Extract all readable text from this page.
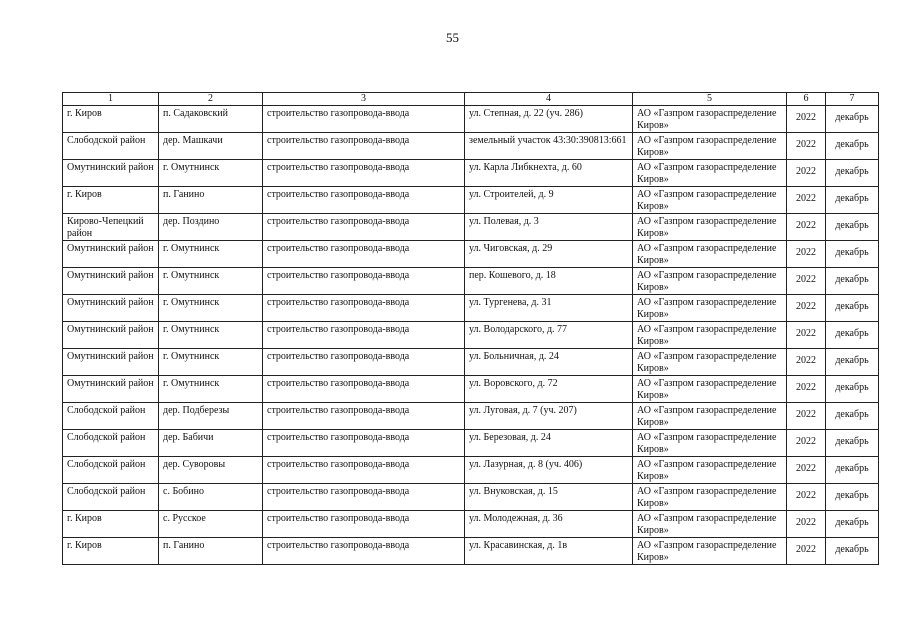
55
1	2	3	4	5	6	7
г. Киров	п. Садаковский	строительство газопровода-ввода	ул. Степная, д. 22 (уч. 286)	АО «Газпром газораспределение Киров»	2022	декабрь
Слободской район	дер. Машкачи	строительство газопровода-ввода	земельный участок 43:30:390813:661	АО «Газпром газораспределение Киров»	2022	декабрь
Омутнинский район	г. Омутнинск	строительство газопровода-ввода	ул. Карла Либкнехта, д. 60	АО «Газпром газораспределение Киров»	2022	декабрь
г. Киров	п. Ганино	строительство газопровода-ввода	ул. Строителей, д. 9	АО «Газпром газораспределение Киров»	2022	декабрь
Кирово-Чепецкий район	дер. Поздино	строительство газопровода-ввода	ул. Полевая, д. 3	АО «Газпром газораспределение Киров»	2022	декабрь
Омутнинский район	г. Омутнинск	строительство газопровода-ввода	ул. Чиговская, д. 29	АО «Газпром газораспределение Киров»	2022	декабрь
Омутнинский район	г. Омутнинск	строительство газопровода-ввода	пер. Кошевого, д. 18	АО «Газпром газораспределение Киров»	2022	декабрь
Омутнинский район	г. Омутнинск	строительство газопровода-ввода	ул. Тургенева, д. 31	АО «Газпром газораспределение Киров»	2022	декабрь
Омутнинский район	г. Омутнинск	строительство газопровода-ввода	ул. Володарского, д. 77	АО «Газпром газораспределение Киров»	2022	декабрь
Омутнинский район	г. Омутнинск	строительство газопровода-ввода	ул. Больничная, д. 24	АО «Газпром газораспределение Киров»	2022	декабрь
Омутнинский район	г. Омутнинск	строительство газопровода-ввода	ул. Воровского, д. 72	АО «Газпром газораспределение Киров»	2022	декабрь
Слободской район	дер. Подберезы	строительство газопровода-ввода	ул. Луговая, д. 7 (уч. 207)	АО «Газпром газораспределение Киров»	2022	декабрь
Слободской район	дер. Бабичи	строительство газопровода-ввода	ул. Березовая, д. 24	АО «Газпром газораспределение Киров»	2022	декабрь
Слободской район	дер. Суворовы	строительство газопровода-ввода	ул. Лазурная, д. 8 (уч. 406)	АО «Газпром газораспределение Киров»	2022	декабрь
Слободской район	с. Бобино	строительство газопровода-ввода	ул. Внуковская, д. 15	АО «Газпром газораспределение Киров»	2022	декабрь
г. Киров	с. Русское	строительство газопровода-ввода	ул. Молодежная, д. 36	АО «Газпром газораспределение Киров»	2022	декабрь
г. Киров	п. Ганино	строительство газопровода-ввода	ул. Красавинская, д. 1в	АО «Газпром газораспределение Киров»	2022	декабрь
